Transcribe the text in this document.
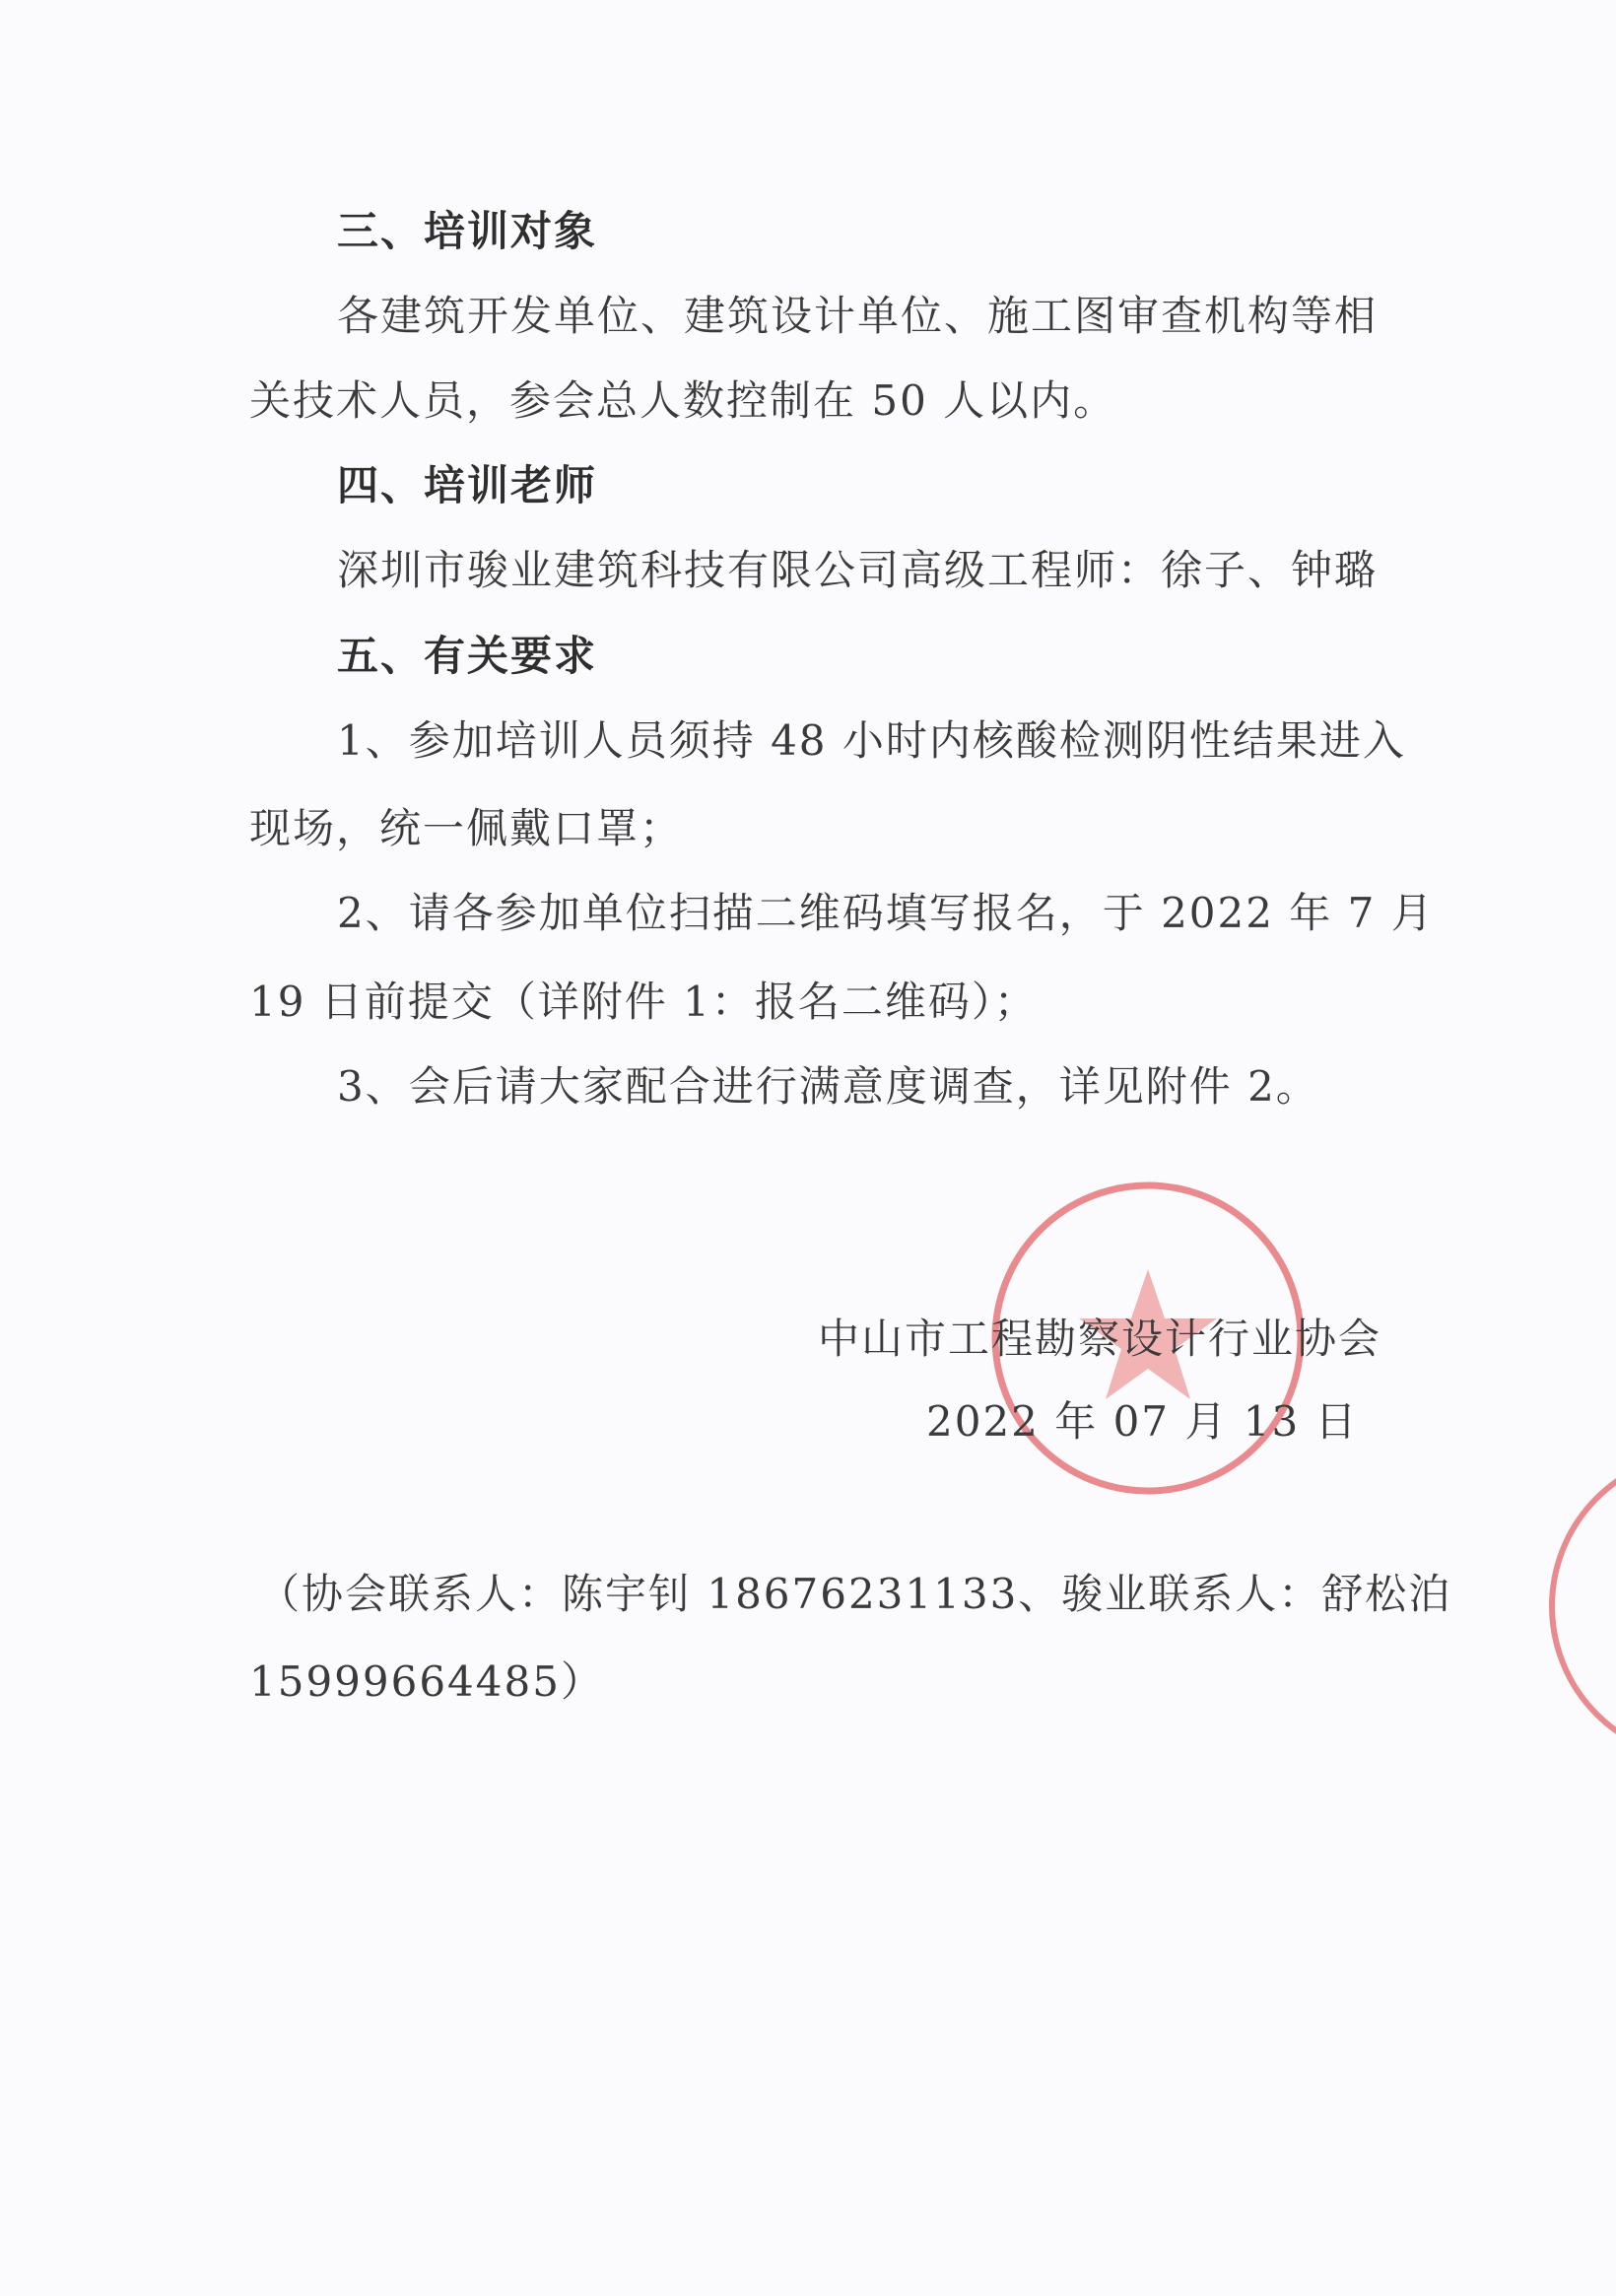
三、培训对象
各建筑开发单位、建筑设计单位、施工图审查机构等相
关技术人员，参会总人数控制在 50 人以内。
四、培训老师
深圳市骏业建筑科技有限公司高级工程师：徐子、钟璐
五、有关要求
1、参加培训人员须持 48 小时内核酸检测阴性结果进入
现场，统一佩戴口罩；
2、请各参加单位扫描二维码填写报名，于 2022 年 7 月
19 日前提交（详附件 1：报名二维码）；
3、会后请大家配合进行满意度调查，详见附件 2。
中山市工程勘察设计行业协会
2022 年 07 月 13 日
（协会联系人：陈宇钊 18676231133、骏业联系人：舒松泊
15999664485）
